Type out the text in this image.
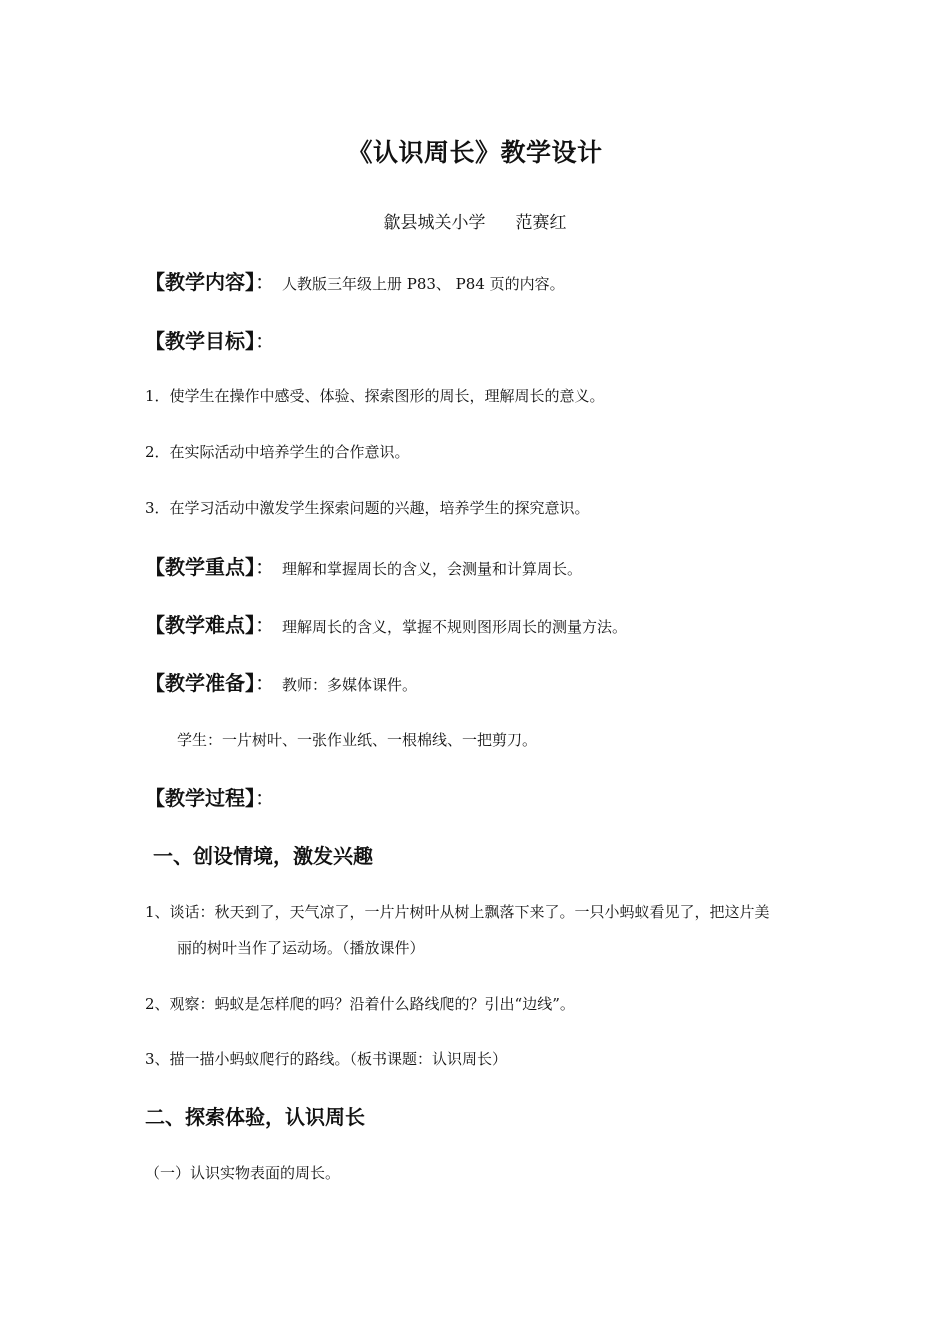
《认识周长》教学设计
歙县城关小学 范赛红
【教学内容】： 人教版三年级上册 P83、 P84 页的内容。
【教学目标】：
1．使学生在操作中感受、体验、探索图形的周长，理解周长的意义。
2．在实际活动中培养学生的合作意识。
3．在学习活动中激发学生探索问题的兴趣，培养学生的探究意识。
【教学重点】： 理解和掌握周长的含义，会测量和计算周长。
【教学难点】： 理解周长的含义，掌握不规则图形周长的测量方法。
【教学准备】： 教师：多媒体课件。
学生：一片树叶、一张作业纸、一根棉线、一把剪刀。
【教学过程】：
一、创设情境，激发兴趣
1、谈话：秋天到了，天气凉了，一片片树叶从树上飘落下来了。一只小蚂蚁看见了，把这片美
丽的树叶当作了运动场。（播放课件）
2、观察：蚂蚁是怎样爬的吗？沿着什么路线爬的？引出“边线”。
3、描一描小蚂蚁爬行的路线。（板书课题：认识周长）
二、探索体验，认识周长
（一）认识实物表面的周长。
